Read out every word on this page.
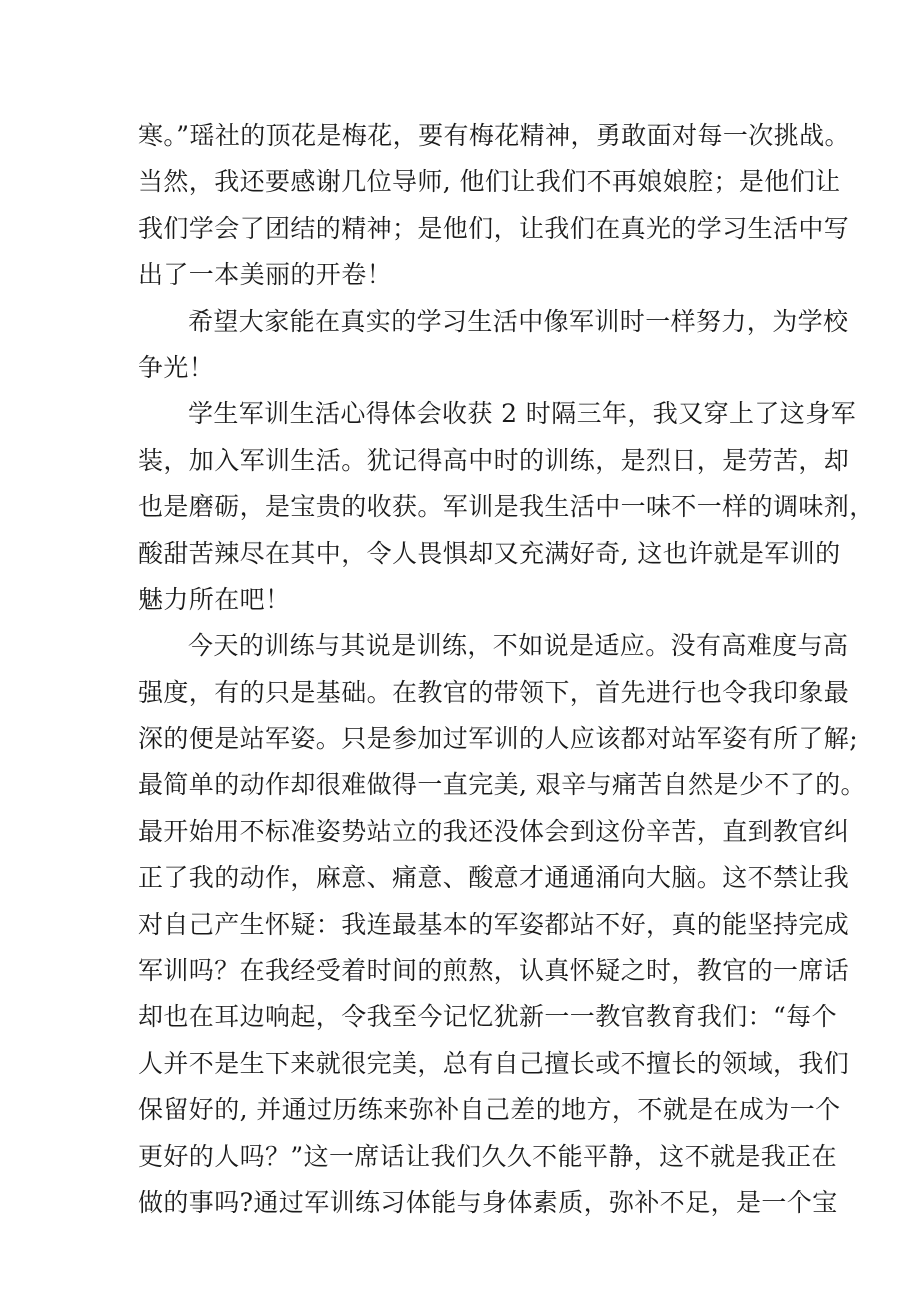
寒。”瑶社的顶花是梅花，要有梅花精神，勇敢面对每一次挑战。
当然，我还要感谢几位导师, 他们让我们不再娘娘腔；是他们让
我们学会了团结的精神；是他们，让我们在真光的学习生活中写
出了一本美丽的开卷！
希望大家能在真实的学习生活中像军训时一样努力，为学校
争光！
学生军训生活心得体会收获 2 时隔三年，我又穿上了这身军
装，加入军训生活。犹记得高中时的训练，是烈日，是劳苦，却
也是磨砺，是宝贵的收获。军训是我生活中一味不一样的调味剂，
酸甜苦辣尽在其中，令人畏惧却又充满好奇, 这也许就是军训的
魅力所在吧！
今天的训练与其说是训练，不如说是适应。没有高难度与高
强度，有的只是基础。在教官的带领下，首先进行也令我印象最
深的便是站军姿。只是参加过军训的人应该都对站军姿有所了解;
最简单的动作却很难做得一直完美, 艰辛与痛苦自然是少不了的。
最开始用不标准姿势站立的我还没体会到这份辛苦，直到教官纠
正了我的动作，麻意、痛意、酸意才通通涌向大脑。这不禁让我
对自己产生怀疑：我连最基本的军姿都站不好，真的能坚持完成
军训吗？在我经受着时间的煎熬，认真怀疑之时，教官的一席话
却也在耳边响起，令我至今记忆犹新一一教官教育我们：“每个
人并不是生下来就很完美，总有自己擅长或不擅长的领域，我们
保留好的, 并通过历练来弥补自己差的地方，不就是在成为一个
更好的人吗？”这一席话让我们久久不能平静，这不就是我正在
做的事吗?通过军训练习体能与身体素质，弥补不足，是一个宝
